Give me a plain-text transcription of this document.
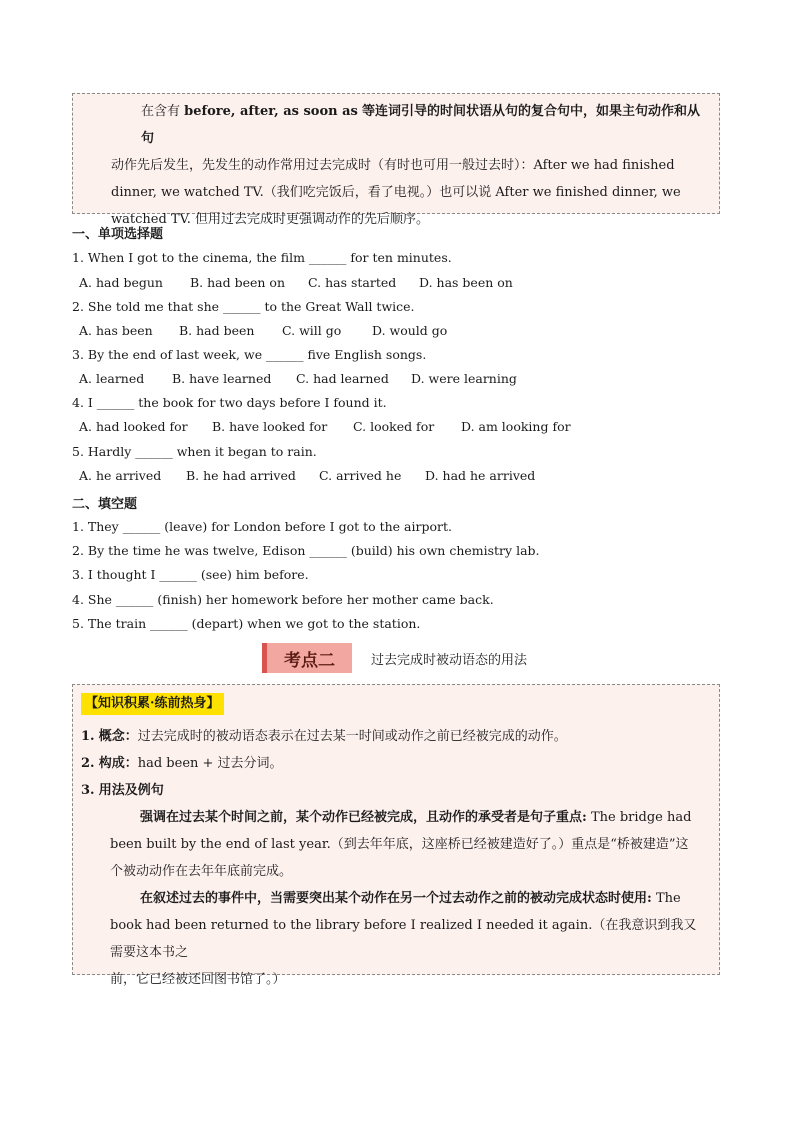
在含有 before, after, as soon as 等连词引导的时间状语从句的复合句中，如果主句动作和从句

动作先后发生，先发生的动作常用过去完成时（有时也可用一般过去时）：After we had finished

dinner, we watched TV.（我们吃完饭后，看了电视。）也可以说 After we finished dinner, we

watched TV. 但用过去完成时更强调动作的先后顺序。

一、单项选择题
1. When I got to the cinema, the film ______ for ten minutes.
A. had begun B. had been on C. has started D. has been on
2. She told me that she ______ to the Great Wall twice.
A. has been B. had been C. will go D. would go
3. By the end of last week, we ______ five English songs.
A. learned B. have learned C. had learned D. were learning
4. I ______ the book for two days before I found it.
A. had looked for B. have looked for C. looked for D. am looking for
5. Hardly ______ when it began to rain.
A. he arrived B. he had arrived C. arrived he D. had he arrived
二、填空题
1. They ______ (leave) for London before I got to the airport.
2. By the time he was twelve, Edison ______ (build) his own chemistry lab.
3. I thought I ______ (see) him before.
4. She ______ (finish) her homework before her mother came back.
5. The train ______ (depart) when we got to the station.
考点二	过去完成时被动语态的用法
【知识积累·练前热身】

1. 概念：过去完成时的被动语态表示在过去某一时间或动作之前已经被完成的动作。

2. 构成：had been + 过去分词。

3. 用法及例句

强调在过去某个时间之前，某个动作已经被完成，且动作的承受者是句子重点: The bridge had
been built by the end of last year.（到去年年底，这座桥已经被建造好了。）重点是“桥被建造”这
个被动动作在去年年底前完成。
在叙述过去的事件中，当需要突出某个动作在另一个过去动作之前的被动完成状态时使用: The
book had been returned to the library before I realized I needed it again.（在我意识到我又需要这本书之
前，它已经被还回图书馆了。）
